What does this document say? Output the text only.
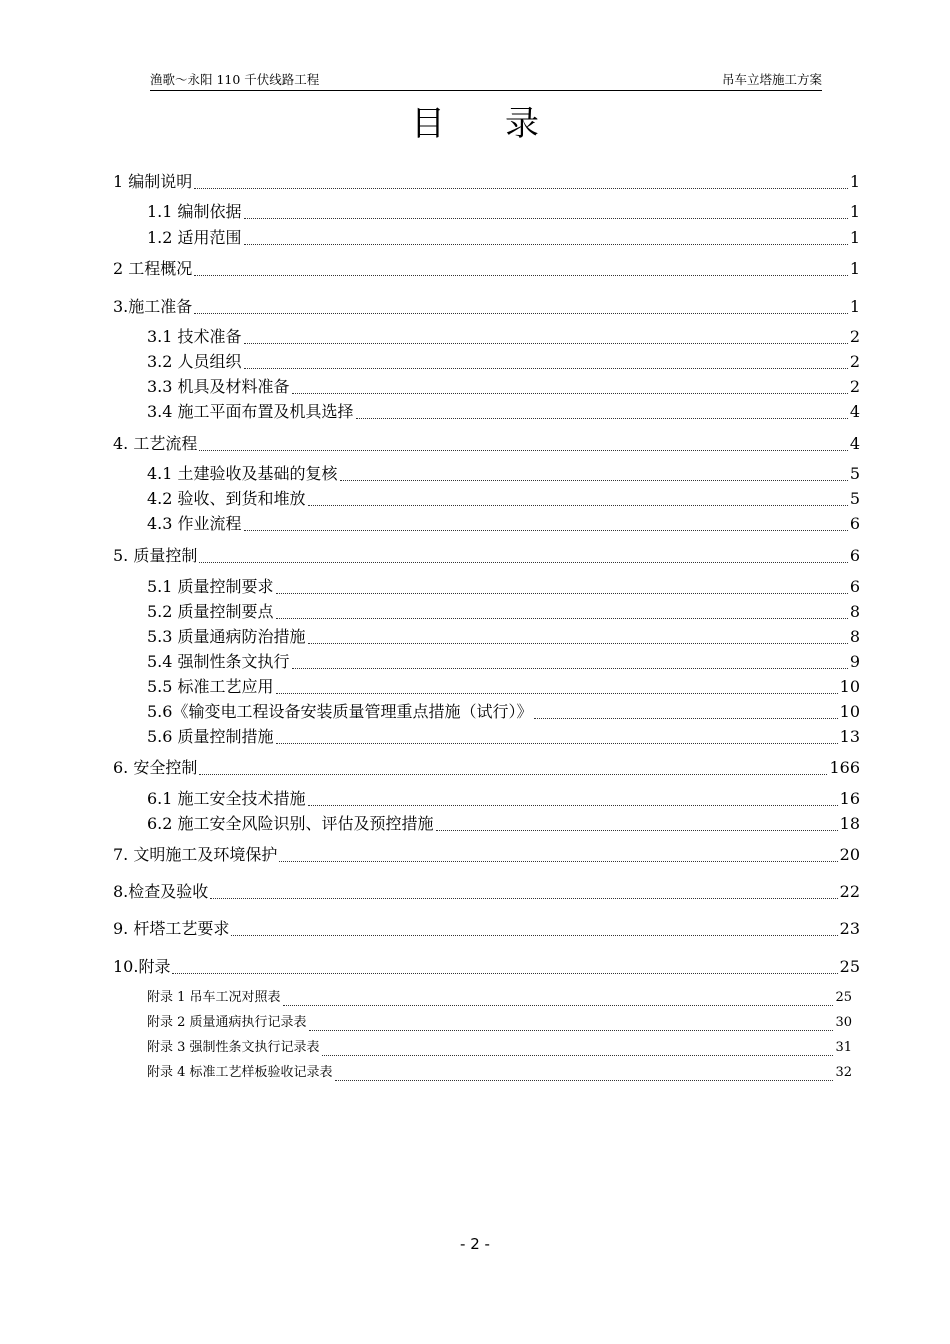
渔歌～永阳 110 千伏线路工程	吊车立塔施工方案
目录
1 编制说明	1
1.1 编制依据	1
1.2 适用范围	1
2 工程概况	1
3.施工准备	1
3.1 技术准备	2
3.2 人员组织	2
3.3 机具及材料准备	2
3.4 施工平面布置及机具选择	4
4. 工艺流程	4
4.1 土建验收及基础的复核	5
4.2 验收、到货和堆放	5
4.3 作业流程	6
5. 质量控制	6
5.1 质量控制要求	6
5.2 质量控制要点	8
5.3 质量通病防治措施	8
5.4 强制性条文执行	9
5.5 标准工艺应用	10
5.6《输变电工程设备安装质量管理重点措施（试行）》	10
5.6 质量控制措施	13
6. 安全控制	166
6.1 施工安全技术措施	16
6.2 施工安全风险识别、评估及预控措施	18
7. 文明施工及环境保护	20
8.检查及验收	22
9. 杆塔工艺要求	23
10.附录	25
附录 1 吊车工况对照表	25
附录 2 质量通病执行记录表	30
附录 3 强制性条文执行记录表	31
附录 4 标准工艺样板验收记录表	32
- 2 -
